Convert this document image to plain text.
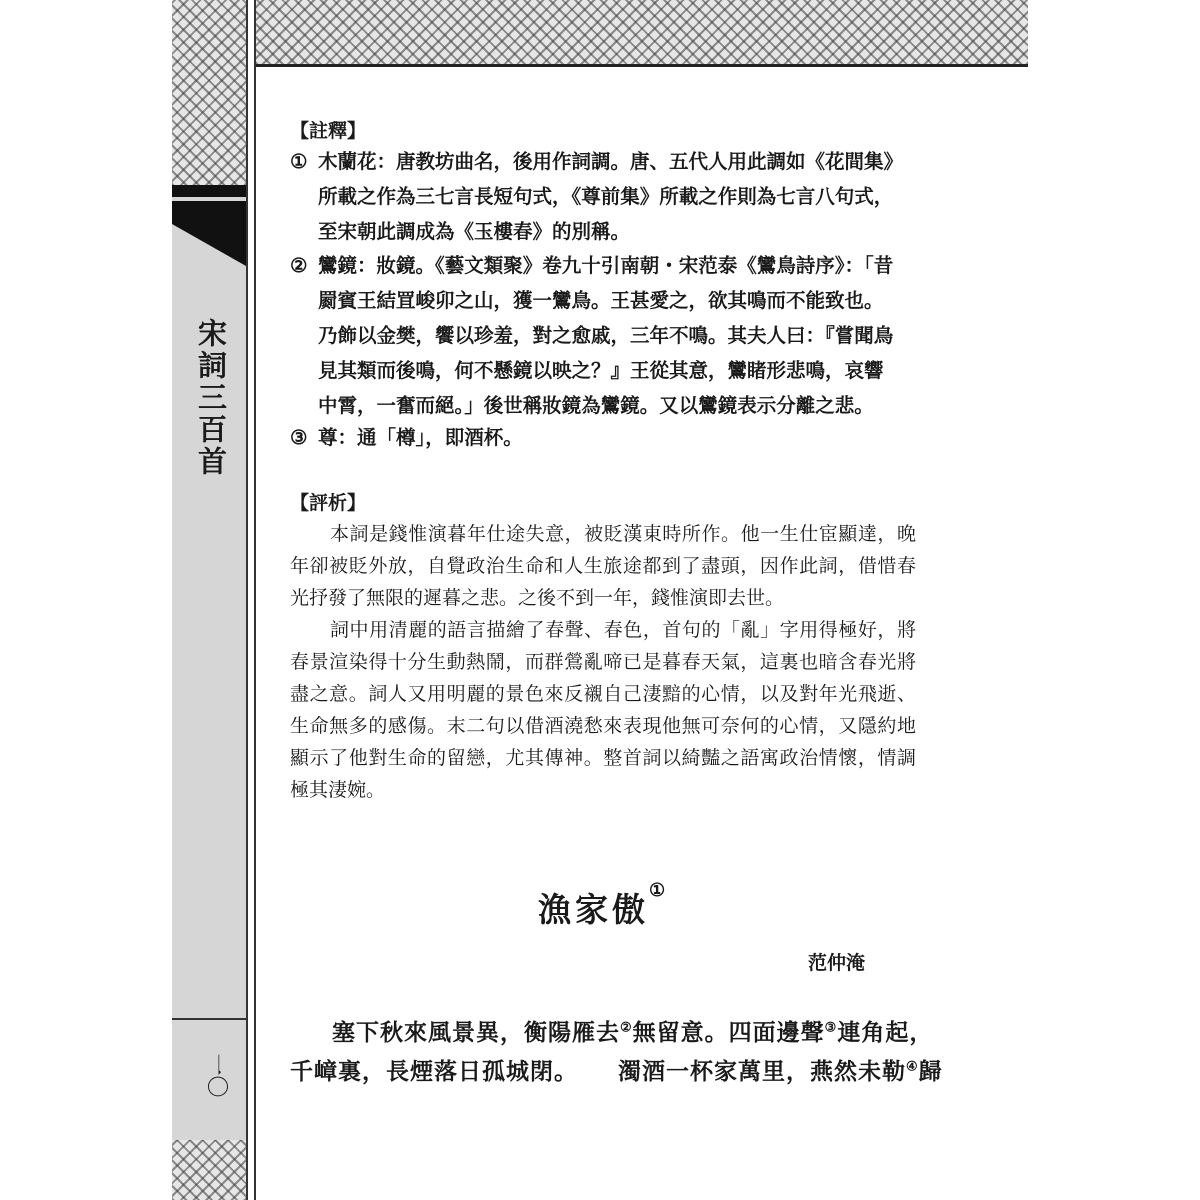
宋詞三百首
一〇
【註釋】
① 木蘭花：唐教坊曲名，後用作詞調。唐、五代人用此調如《花間集》
所載之作為三七言長短句式，《尊前集》所載之作則為七言八句式，
至宋朝此調成為《玉樓春》的別稱。
② 鸞鏡：妝鏡。《藝文類聚》卷九十引南朝・宋范泰《鸞鳥詩序》：「昔
罽賓王結罝峻卯之山，獲一鸞鳥。王甚愛之，欲其鳴而不能致也。
乃飾以金樊，饗以珍羞，對之愈戚，三年不鳴。其夫人曰：『嘗聞鳥
見其類而後鳴，何不懸鏡以映之？』王從其意，鸞睹形悲鳴，哀響
中霄，一奮而絕。」後世稱妝鏡為鸞鏡。又以鸞鏡表示分離之悲。
③ 尊：通「樽」，即酒杯。
【評析】

本詞是錢惟演暮年仕途失意，被貶漢東時所作。他一生仕宦顯達，晚年卻被貶外放，自覺政治生命和人生旅途都到了盡頭，因作此詞，借惜春光抒發了無限的遲暮之悲。之後不到一年，錢惟演即去世。

詞中用清麗的語言描繪了春聲、春色，首句的「亂」字用得極好，將春景渲染得十分生動熱鬧，而群鶯亂啼已是暮春天氣，這裏也暗含春光將盡之意。詞人又用明麗的景色來反襯自己淒黯的心情，以及對年光飛逝、生命無多的感傷。末二句以借酒澆愁來表現他無可奈何的心情，又隱約地顯示了他對生命的留戀，尤其傳神。整首詞以綺豔之語寓政治情懷，情調極其淒婉。

漁家傲①
范仲淹
塞下秋來風景異，衡陽雁去②無留意。四面邊聲③連角起，
千嶂裏，長煙落日孤城閉。 濁酒一杯家萬里，燕然未勒④歸
